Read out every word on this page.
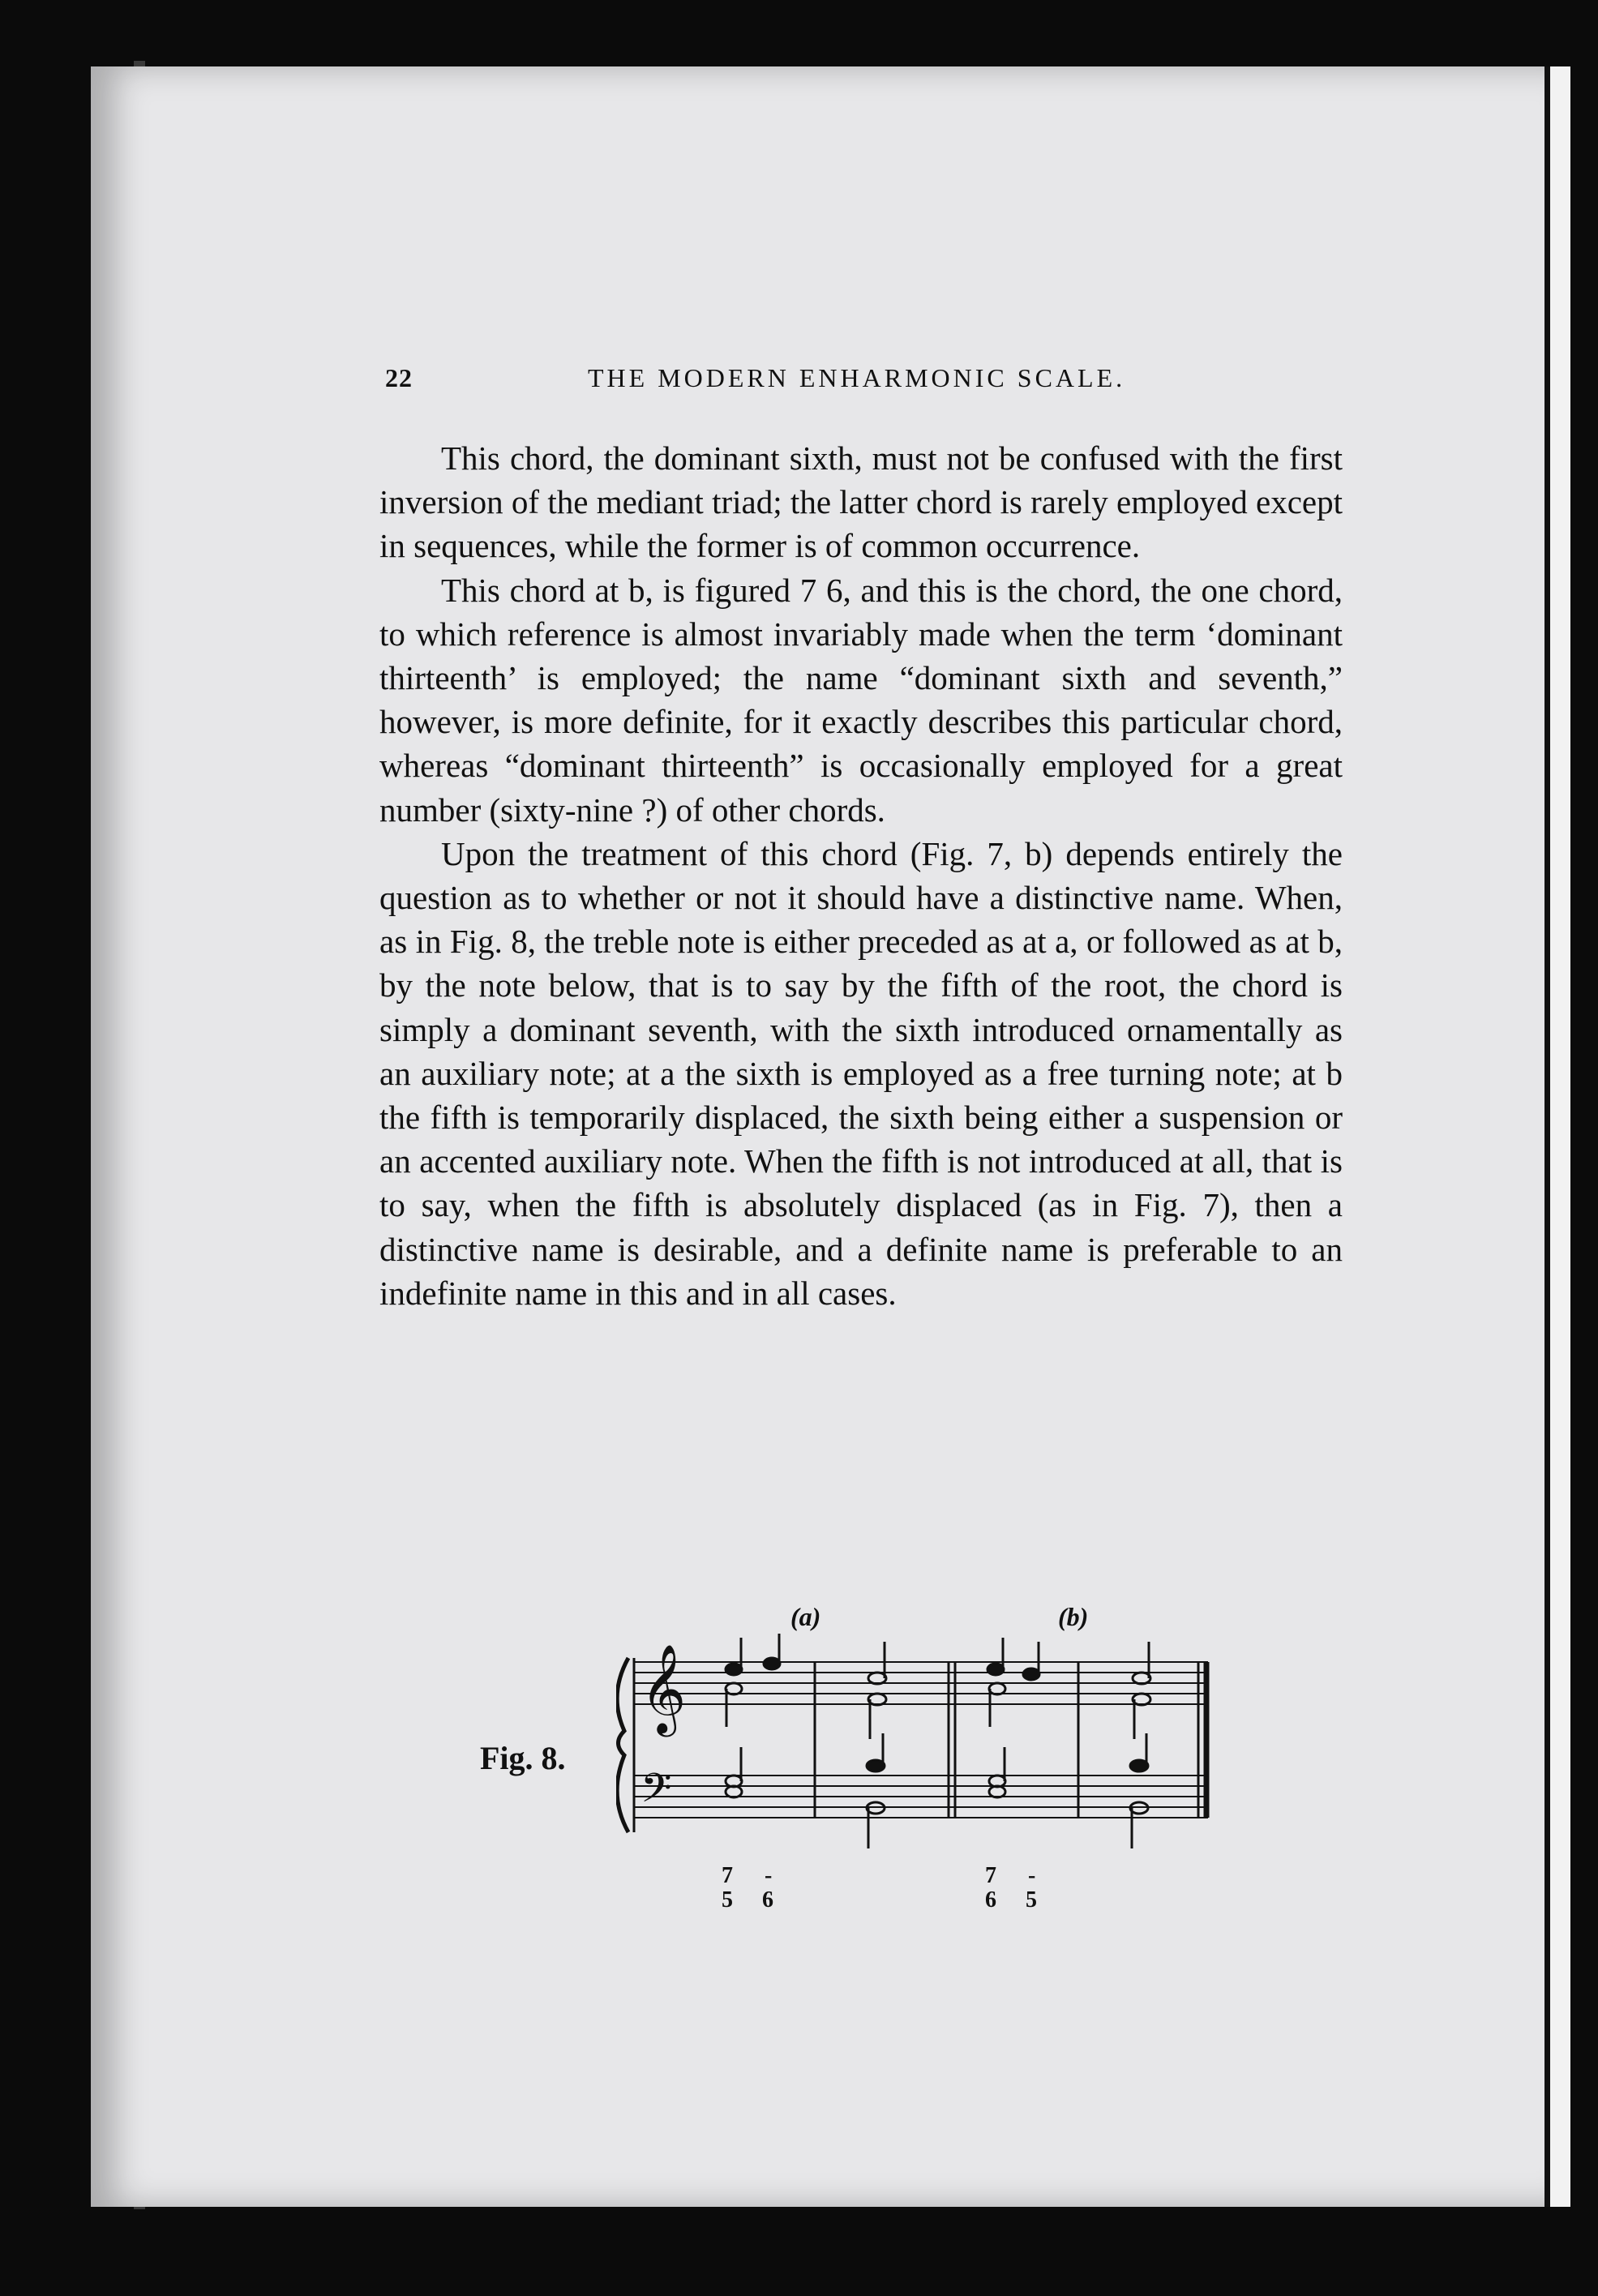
22	THE MODERN ENHARMONIC SCALE.

This chord, the dominant sixth, must not be confused with the first inversion of the mediant triad; the latter chord is rarely employed except in sequences, while the former is of common occurrence.

This chord at b, is figured 7 6, and this is the chord, the one chord, to which reference is almost invariably made when the term ‘dominant thirteenth’ is employed; the name “dominant sixth and seventh,” however, is more definite, for it exactly describes this particular chord, whereas “dominant thirteenth” is occasionally employed for a great number (sixty-nine ?) of other chords.

Upon the treatment of this chord (Fig. 7, b) depends entirely the question as to whether or not it should have a distinctive name. When, as in Fig. 8, the treble note is either preceded as at a, or followed as at b, by the note below, that is to say by the fifth of the root, the chord is simply a dominant seventh, with the sixth introduced ornamentally as an auxiliary note; at a the sixth is employed as a free turning note; at b the fifth is temporarily displaced, the sixth being either a suspension or an accented auxiliary note. When the fifth is not introduced at all, that is to say, when the fifth is absolutely displaced (as in Fig. 7), then a distinctive name is desirable, and a definite name is preferable to an indefinite name in this and in all cases.

Fig. 8.
(a)	(b)
𝄞
𝄢
7
5
-
6
7
6
-
5
